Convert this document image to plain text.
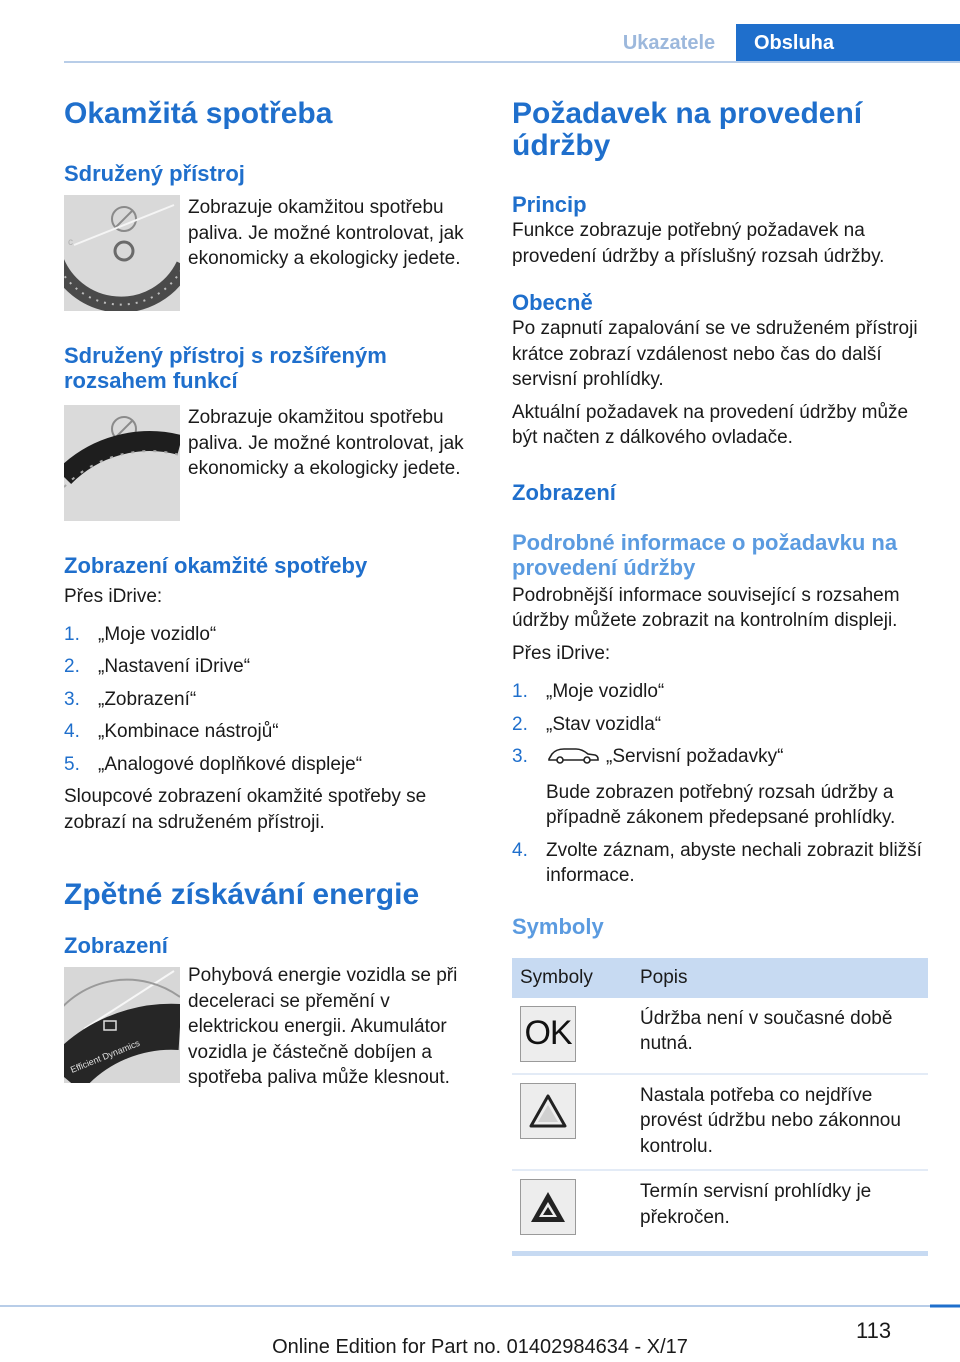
Ukazatele	Obsluha
Okamžitá spotřeba
Sdružený přístroj
c

Zobrazuje okamžitou spotřebu paliva. Je možné kontrolovat, jak ekonomicky a ekologicky jedete.

Sdružený přístroj s rozšířeným rozsahem funkcí

Zobrazuje okamžitou spotřebu paliva. Je možné kontrolovat, jak ekonomicky a ekologicky jedete.

Zobrazení okamžité spotřeby

Přes iDrive:

1. „Moje vozidlo“
2. „Nastavení iDrive“
3. „Zobrazení“
4. „Kombinace nástrojů“
5. „Analogové doplňkové displeje“

Sloupcové zobrazení okamžité spotřeby se zobrazí na sdruženém přístroji.

Zpětné získávání energie
Zobrazení
Efficient Dynamics

Pohybová energie vozidla se při deceleraci se přemění v elektrickou energii. Akumulátor vozidla je částečně dobíjen a spotřeba paliva může klesnout.

Požadavek na provedení údržby
Princip

Funkce zobrazuje potřebný požadavek na provedení údržby a příslušný rozsah údržby.

Obecně

Po zapnutí zapalování se ve sdruženém přístroji krátce zobrazí vzdálenost nebo čas do další servisní prohlídky.

Aktuální požadavek na provedení údržby může být načten z dálkového ovladače.

Zobrazení
Podrobné informace o požadavku na provedení údržby

Podrobnější informace související s rozsahem údržby můžete zobrazit na kontrolním displeji.

Přes iDrive:

1. „Moje vozidlo“
2. „Stav vozidla“
3.	„Servisní požadavky“
Bude zobrazen potřebný rozsah údržby a případně zákonem předepsané prohlídky.
4. Zvolte záznam, abyste nechali zobrazit bližší informace.
Symboly
Symboly	Popis

OK	Údržba není v současné době nutná.

	Nastala potřeba co nejdříve provést údržbu nebo zákonnou kontrolu.

	Termín servisní prohlídky je překročen.
113
Online Edition for Part no. 01402984634 - X/17
